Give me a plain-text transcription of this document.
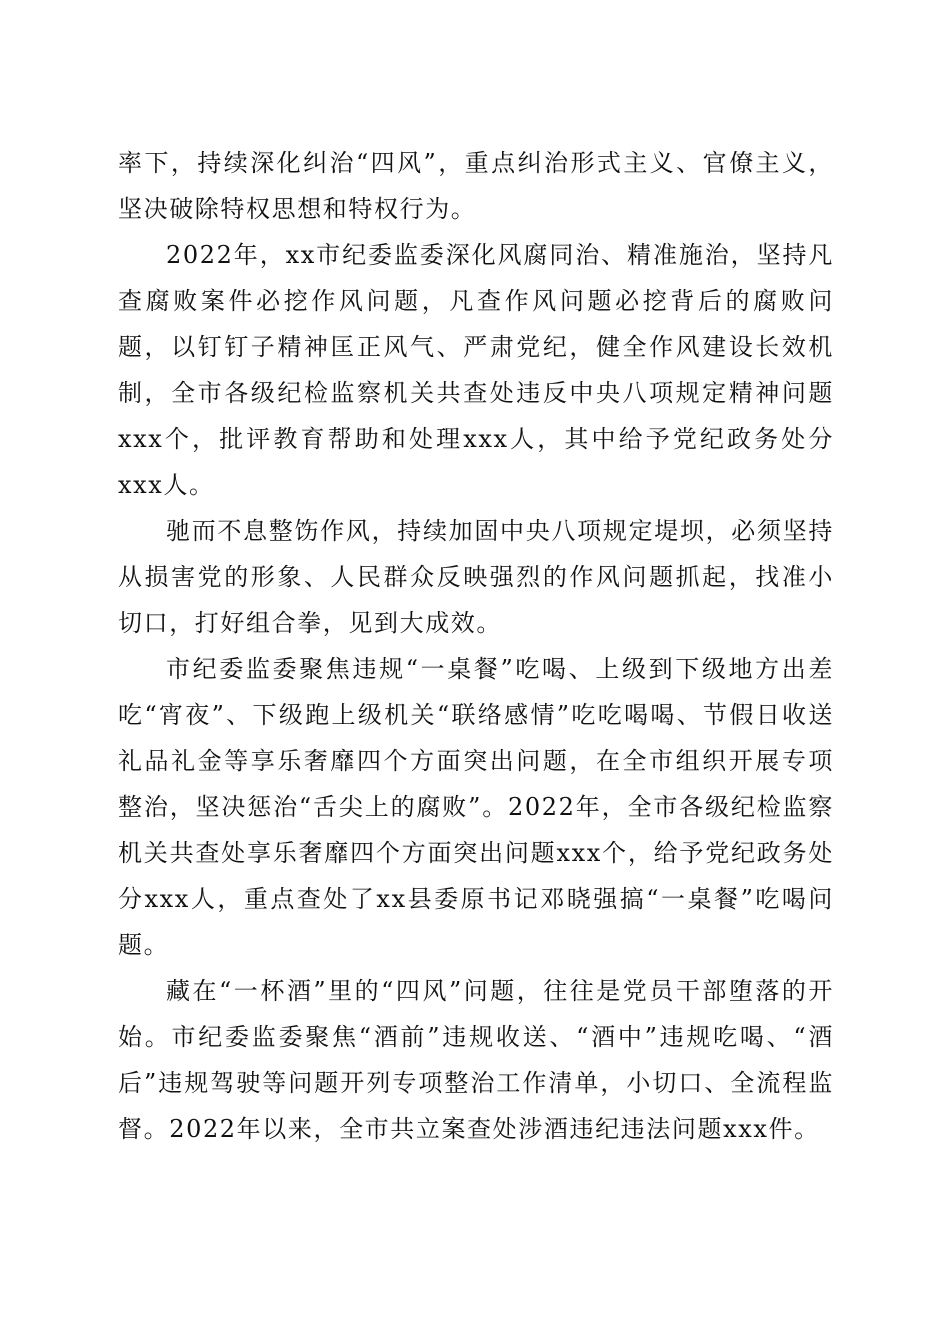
率下，持续深化纠治“四风”，重点纠治形式主义、官僚主义，坚决破除特权思想和特权行为。

2022年，xx市纪委监委深化风腐同治、精准施治，坚持凡查腐败案件必挖作风问题，凡查作风问题必挖背后的腐败问题，以钉钉子精神匡正风气、严肃党纪，健全作风建设长效机制，全市各级纪检监察机关共查处违反中央八项规定精神问题xxx个，批评教育帮助和处理xxx人，其中给予党纪政务处分xxx人。

驰而不息整饬作风，持续加固中央八项规定堤坝，必须坚持从损害党的形象、人民群众反映强烈的作风问题抓起，找准小切口，打好组合拳，见到大成效。

市纪委监委聚焦违规“一桌餐”吃喝、上级到下级地方出差吃“宵夜”、下级跑上级机关“联络感情”吃吃喝喝、节假日收送礼品礼金等享乐奢靡四个方面突出问题，在全市组织开展专项整治，坚决惩治“舌尖上的腐败”。2022年，全市各级纪检监察机关共查处享乐奢靡四个方面突出问题xxx个，给予党纪政务处分xxx人，重点查处了xx县委原书记邓晓强搞“一桌餐”吃喝问题。

藏在“一杯酒”里的“四风”问题，往往是党员干部堕落的开始。市纪委监委聚焦“酒前”违规收送、“酒中”违规吃喝、“酒后”违规驾驶等问题开列专项整治工作清单，小切口、全流程监督。2022年以来，全市共立案查处涉酒违纪违法问题xxx件。
